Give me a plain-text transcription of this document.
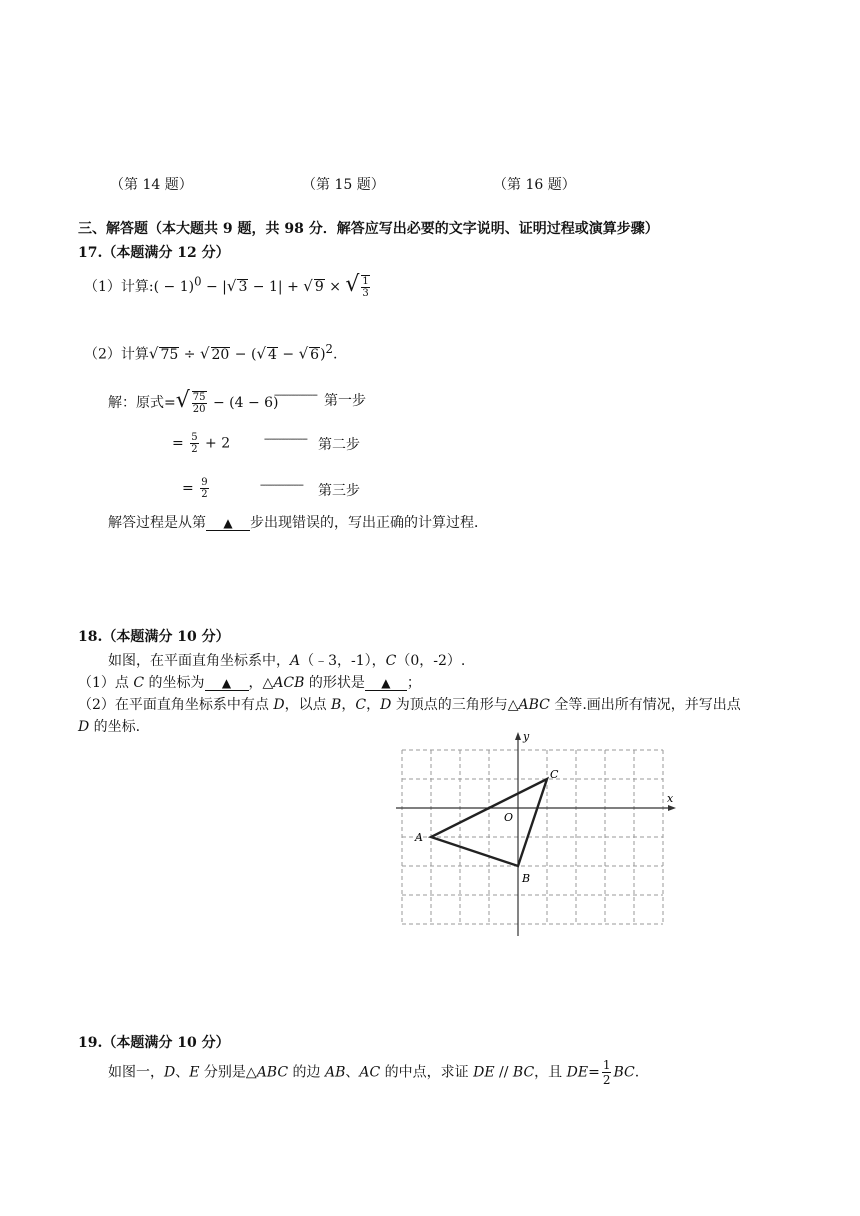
（第 14 题）	（第 15 题）	（第 16 题）
三、解答题（本大题共 9 题，共 98 分．解答应写出必要的文字说明、证明过程或演算步骤）
17.（本题满分 12 分）
（1）计算:( − 1)$^0$ − |√ 3 − 1| + √ 9 × √ $\frac{1}{3}$
（2）计算√ 75 ÷ √ 20 − (√ 4 − √ 6)$^2$.
解：原式=√ $\frac{75}{20} - (4 - 6)$
------------------ 第一步
= $\frac{5}{2} + 2$	------------------ 第二步
= $\frac{9}{2}$	------------------ 第三步
解答过程是从第 ▲ 步出现错误的，写出正确的计算过程．
18.（本题满分 10 分）
如图，在平面直角坐标系中，A（﹣3，-1），C（0，-2）.
（1）点 C 的坐标为 ▲ ，△ACB 的形状是 ▲ ；
（2）在平面直角坐标系中有点 D，以点 B，C，D 为顶点的三角形与△ABC 全等.画出所有情况，并写出点
D 的坐标.
x
y
O
A
B
C
19.（本题满分 10 分）
如图一，D、E 分别是△ABC 的边 AB、AC 的中点，求证 DE // BC，且 $DE= \frac{1}{2}$ BC.
